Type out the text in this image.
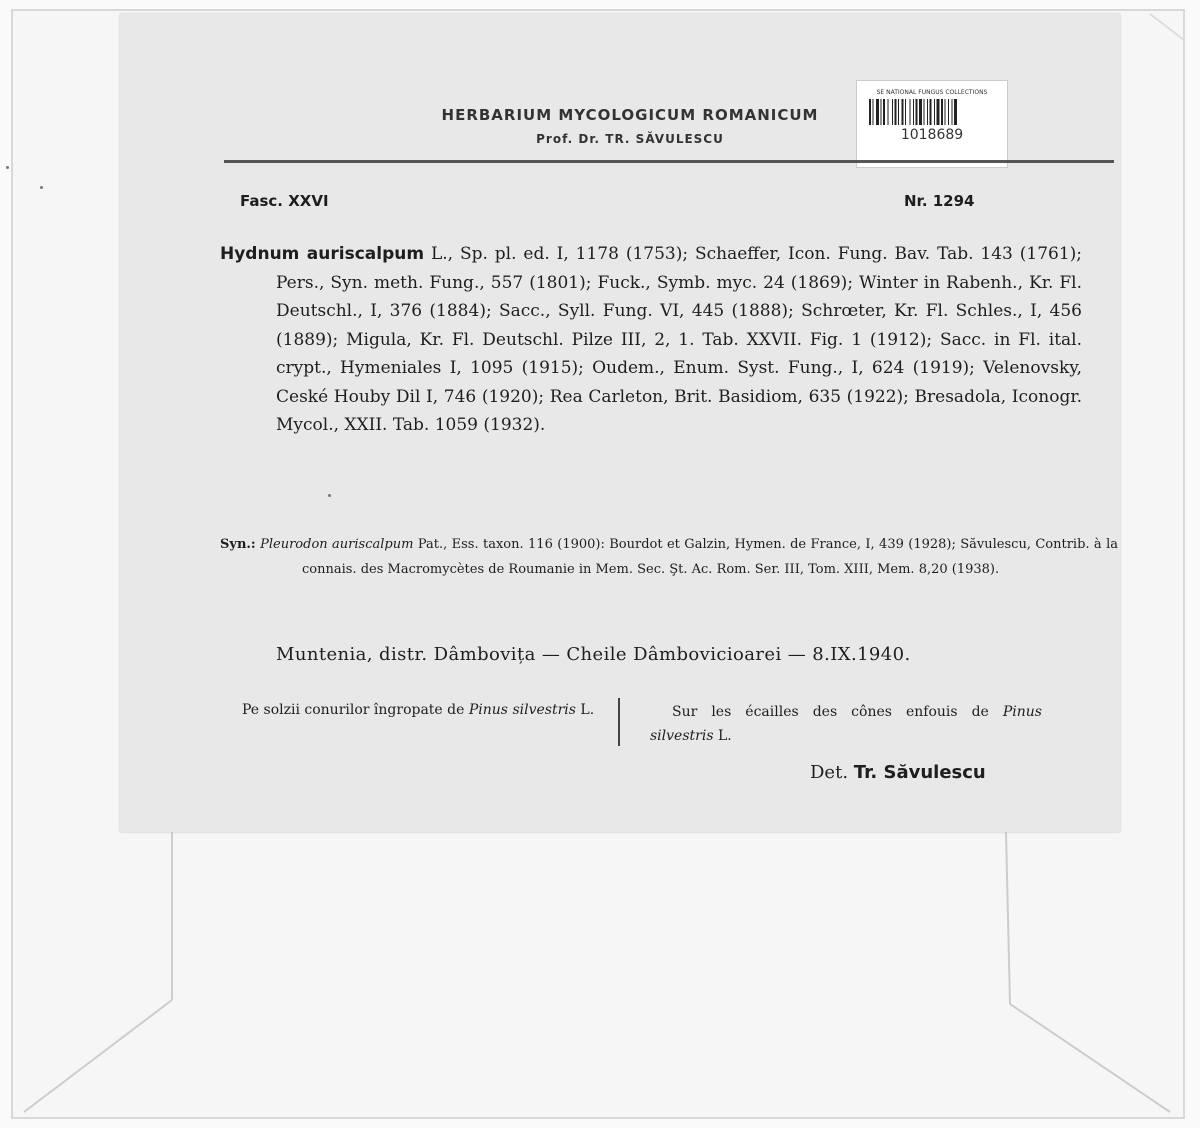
HERBARIUM MYCOLOGICUM ROMANICUM
Prof. Dr. TR. SĂVULESCU
SE NATIONAL FUNGUS COLLECTIONS
1018689
Fasc. XXVI	Nr. 1294
Hydnum auriscalpum L., Sp. pl. ed. I, 1178 (1753); Schaeffer, Icon. Fung. Bav. Tab. 143 (1761); Pers., Syn. meth. Fung., 557 (1801); Fuck., Symb. myc. 24 (1869); Winter in Rabenh., Kr. Fl. Deutschl., I, 376 (1884); Sacc., Syll. Fung. VI, 445 (1888); Schrœter, Kr. Fl. Schles., I, 456 (1889); Migula, Kr. Fl. Deutschl. Pilze III, 2, 1. Tab. XXVII. Fig. 1 (1912); Sacc. in Fl. ital. crypt., Hymeniales I, 1095 (1915); Oudem., Enum. Syst. Fung., I, 624 (1919); Velenovsky, Ceské Houby Dil I, 746 (1920); Rea Carleton, Brit. Basidiom, 635 (1922); Bresadola, Iconogr. Mycol., XXII. Tab. 1059 (1932).
Syn.: Pleurodon auriscalpum Pat., Ess. taxon. 116 (1900): Bourdot et Galzin, Hymen. de France, I, 439 (1928); Săvulescu, Contrib. à la connais. des Macromycètes de Roumanie in Mem. Sec. Şt. Ac. Rom. Ser. III, Tom. XIII, Mem. 8,20 (1938).
Muntenia, distr. Dâmbovița — Cheile Dâmbovicioarei — 8.IX.1940.
Pe solzii conurilor îngropate de Pinus silvestris L.	Sur les écailles des cônes enfouis de Pinus silvestris L.
Det. Tr. Săvulescu
